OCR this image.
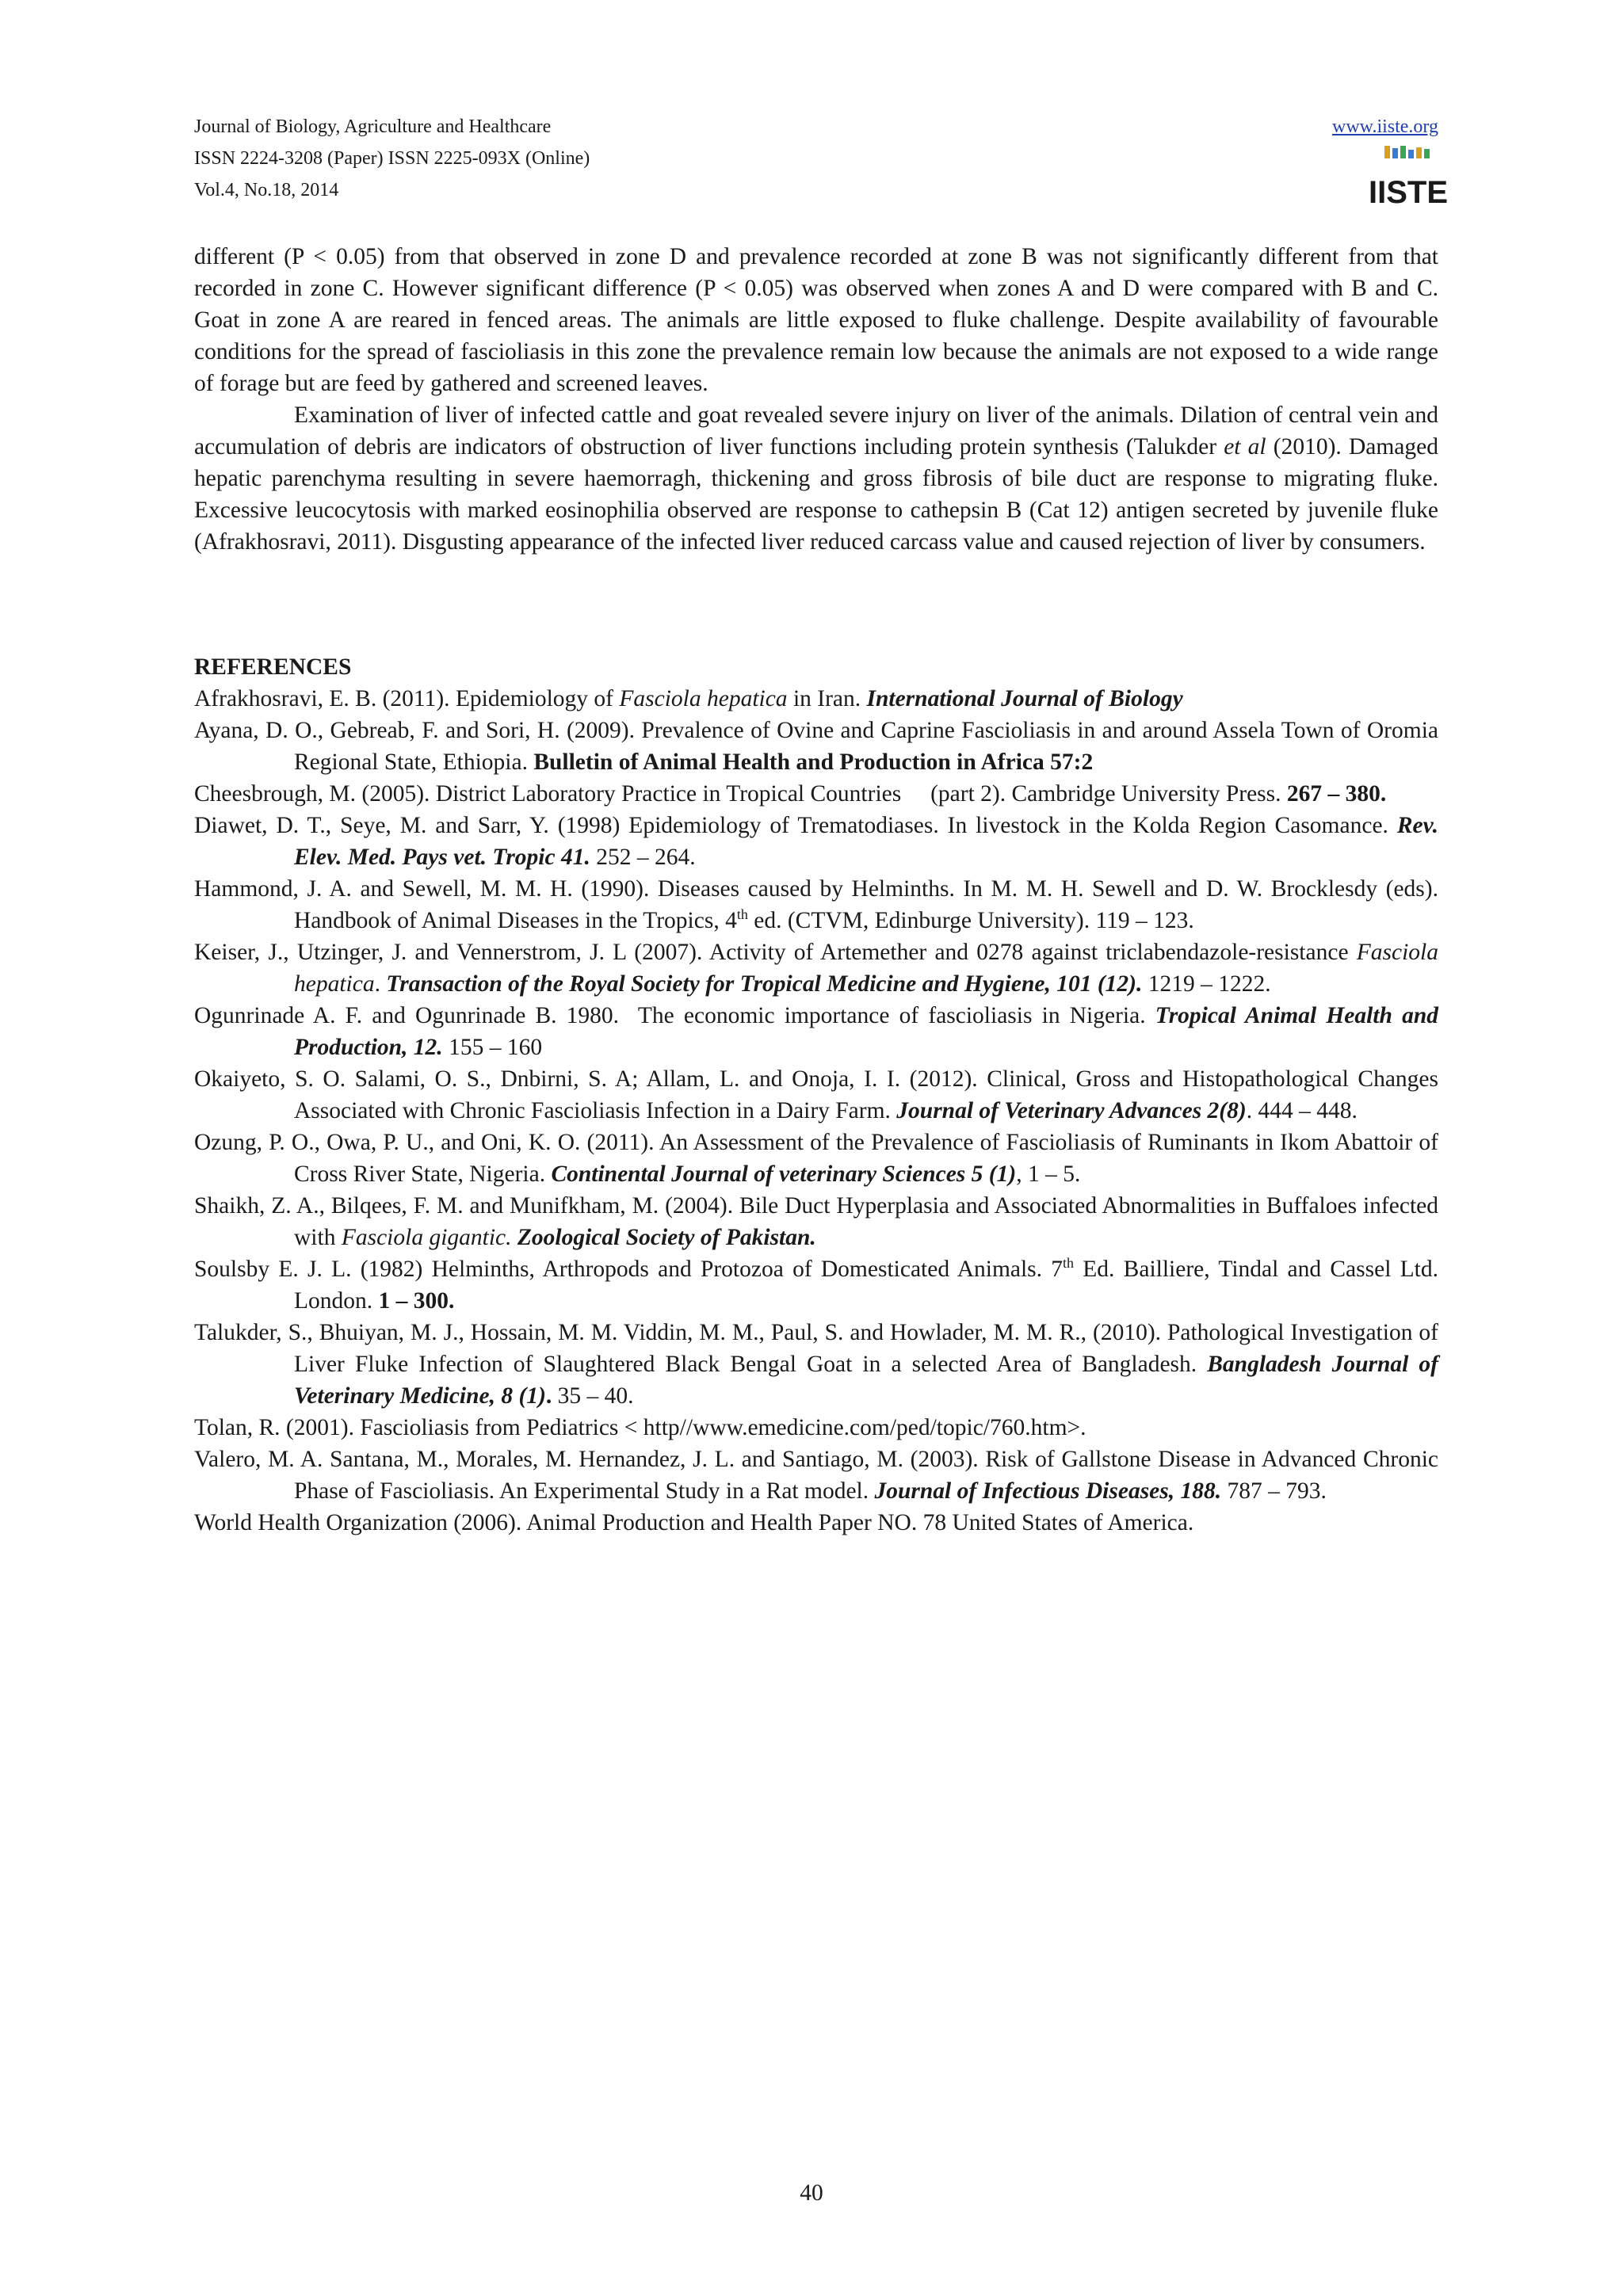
Journal of Biology, Agriculture and Healthcare
ISSN 2224-3208 (Paper) ISSN 2225-093X (Online)
Vol.4, No.18, 2014
www.iiste.org
IISTE

different (P < 0.05) from that observed in zone D and prevalence recorded at zone B was not significantly different from that recorded in zone C. However significant difference (P < 0.05) was observed when zones A and D were compared with B and C. Goat in zone A are reared in fenced areas. The animals are little exposed to fluke challenge. Despite availability of favourable conditions for the spread of fascioliasis in this zone the prevalence remain low because the animals are not exposed to a wide range of forage but are feed by gathered and screened leaves.

Examination of liver of infected cattle and goat revealed severe injury on liver of the animals. Dilation of central vein and accumulation of debris are indicators of obstruction of liver functions including protein synthesis (Talukder et al (2010). Damaged hepatic parenchyma resulting in severe haemorragh, thickening and gross fibrosis of bile duct are response to migrating fluke. Excessive leucocytosis with marked eosinophilia observed are response to cathepsin B (Cat 12) antigen secreted by juvenile fluke (Afrakhosravi, 2011). Disgusting appearance of the infected liver reduced carcass value and caused rejection of liver by consumers.

REFERENCES

Afrakhosravi, E. B. (2011). Epidemiology of Fasciola hepatica in Iran. International Journal of Biology

Ayana, D. O., Gebreab, F. and Sori, H. (2009). Prevalence of Ovine and Caprine Fascioliasis in and around Assela Town of Oromia Regional State, Ethiopia. Bulletin of Animal Health and Production in Africa 57:2

Cheesbrough, M. (2005). District Laboratory Practice in Tropical Countries     (part 2). Cambridge University Press. 267 – 380.

Diawet, D. T., Seye, M. and Sarr, Y. (1998) Epidemiology of Trematodiases. In livestock in the Kolda Region Casomance. Rev. Elev. Med. Pays vet. Tropic 41. 252 – 264.

Hammond, J. A. and Sewell, M. M. H. (1990). Diseases caused by Helminths. In M. M. H. Sewell and D. W. Brocklesdy (eds). Handbook of Animal Diseases in the Tropics, 4th ed. (CTVM, Edinburge University). 119 – 123.

Keiser, J., Utzinger, J. and Vennerstrom, J. L (2007). Activity of Artemether and 0278 against triclabendazole-resistance Fasciola hepatica. Transaction of the Royal Society for Tropical Medicine and Hygiene, 101 (12). 1219 – 1222.

Ogunrinade A. F. and Ogunrinade B. 1980.  The economic importance of fascioliasis in Nigeria. Tropical Animal Health and Production, 12. 155 – 160

Okaiyeto, S. O. Salami, O. S., Dnbirni, S. A; Allam, L. and Onoja, I. I. (2012). Clinical, Gross and Histopathological Changes Associated with Chronic Fascioliasis Infection in a Dairy Farm. Journal of Veterinary Advances 2(8). 444 – 448.

Ozung, P. O., Owa, P. U., and Oni, K. O. (2011). An Assessment of the Prevalence of Fascioliasis of Ruminants in Ikom Abattoir of Cross River State, Nigeria. Continental Journal of veterinary Sciences 5 (1), 1 – 5.

Shaikh, Z. A., Bilqees, F. M. and Munifkham, M. (2004). Bile Duct Hyperplasia and Associated Abnormalities in Buffaloes infected with Fasciola gigantic. Zoological Society of Pakistan.

Soulsby E. J. L. (1982) Helminths, Arthropods and Protozoa of Domesticated Animals. 7th Ed. Bailliere, Tindal and Cassel Ltd. London. 1 – 300.

Talukder, S., Bhuiyan, M. J., Hossain, M. M. Viddin, M. M., Paul, S. and Howlader, M. M. R., (2010). Pathological Investigation of Liver Fluke Infection of Slaughtered Black Bengal Goat in a selected Area of Bangladesh. Bangladesh Journal of Veterinary Medicine, 8 (1). 35 – 40.

Tolan, R. (2001). Fascioliasis from Pediatrics < http//www.emedicine.com/ped/topic/760.htm>.

Valero, M. A. Santana, M., Morales, M. Hernandez, J. L. and Santiago, M. (2003). Risk of Gallstone Disease in Advanced Chronic Phase of Fascioliasis. An Experimental Study in a Rat model. Journal of Infectious Diseases, 188. 787 – 793.

World Health Organization (2006). Animal Production and Health Paper NO. 78 United States of America.

40
